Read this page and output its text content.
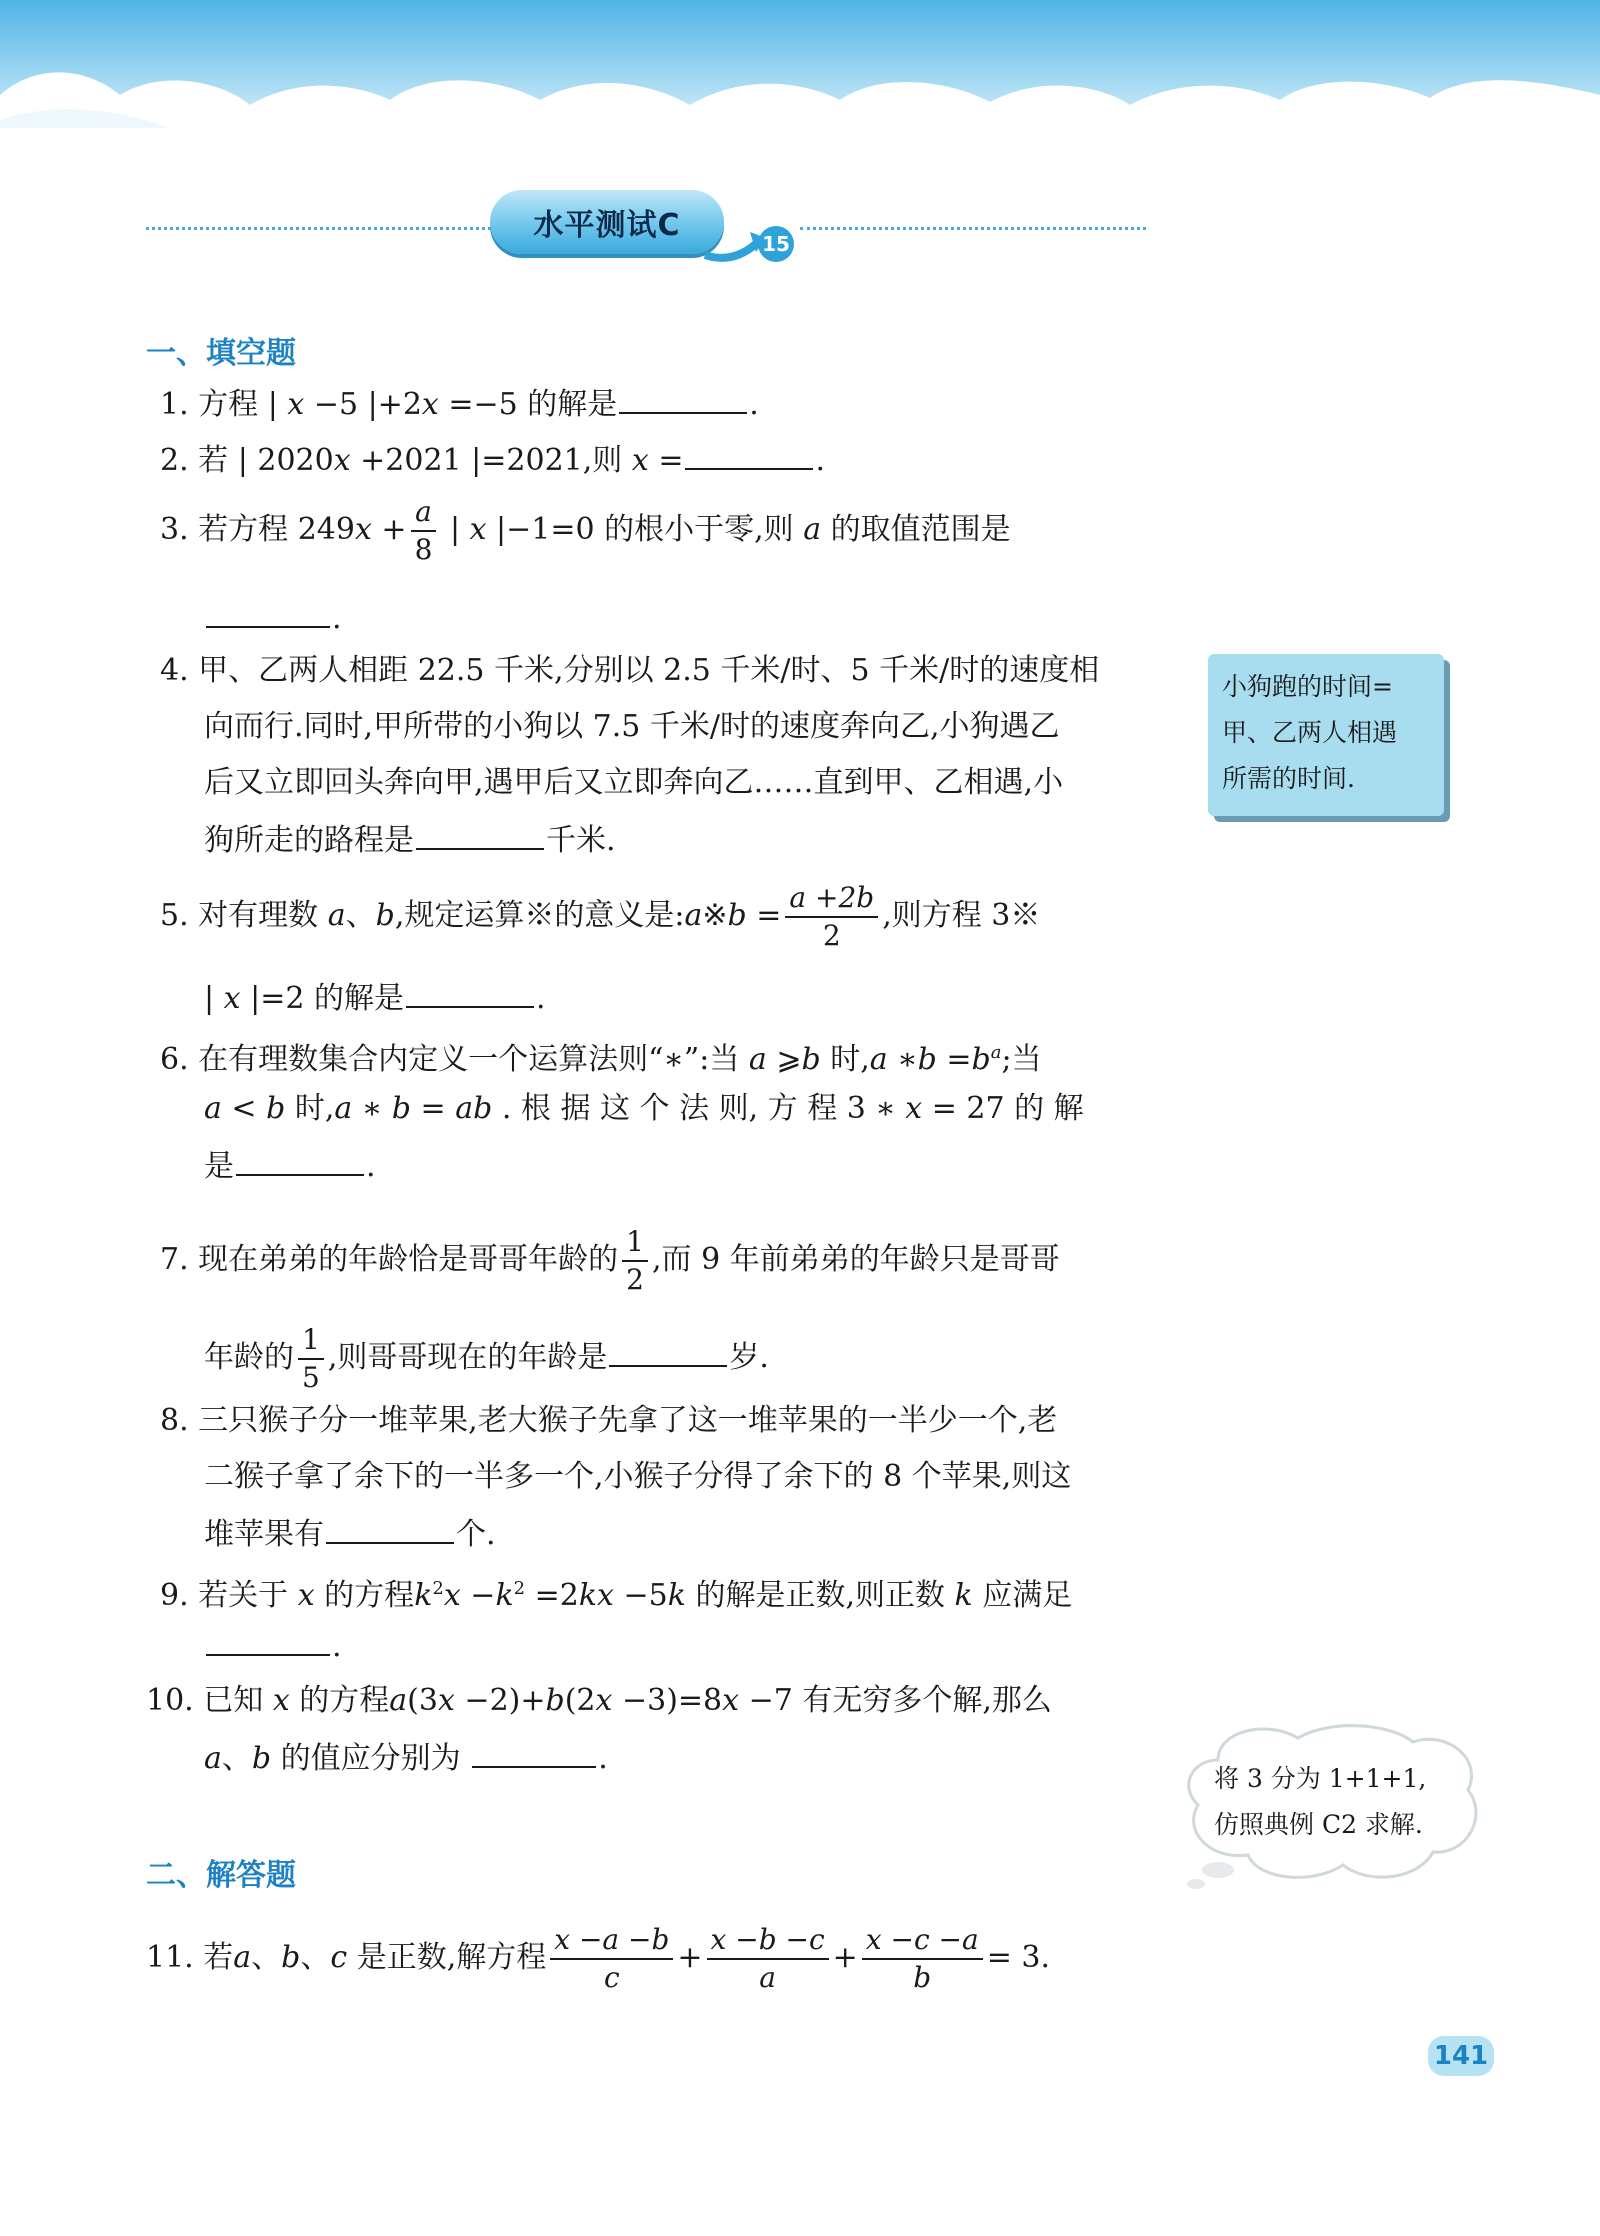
水平测试C
15
一、填空题
1. 方程 | x −5 |+2x =−5 的解是	.
2. 若 | 2020x +2021 |=2021,则 x =	.
3. 若方程 $249x + \frac{a}{8}$ | x |−1=0 的根小于零,则 a 的取值范围是
.
4. 甲、乙两人相距 22.5 千米,分别以 2.5 千米/时、5 千米/时的速度相
向而行.同时,甲所带的小狗以 7.5 千米/时的速度奔向乙,小狗遇乙
后又立即回头奔向甲,遇甲后又立即奔向乙……直到甲、乙相遇,小
狗所走的路程是	千米.
小狗跑的时间=
甲、乙两人相遇
所需的时间.
5. 对有理数 a、b,规定运算※的意义是:a※b = $\frac{a +2b}{2}$ ,则方程 3※
| x |=2 的解是	.
6. 在有理数集合内定义一个运算法则“∗”:当 a ⩾b 时,a ∗b $=b^a$;当
a < b 时,a ∗ b = ab . 根 据 这 个 法 则, 方 程 3 ∗ x = 27 的 解
是	.
7. 现在弟弟的年龄恰是哥哥年龄的 $\frac{1}{2}$ ,而 9 年前弟弟的年龄只是哥哥
年龄的 $\frac{1}{5}$ ,则哥哥现在的年龄是	岁.
8. 三只猴子分一堆苹果,老大猴子先拿了这一堆苹果的一半少一个,老
二猴子拿了余下的一半多一个,小猴子分得了余下的 8 个苹果,则这
堆苹果有	个.
9. 若关于 x 的方程$k^2x -k^2 =2kx -5k$ 的解是正数,则正数 k 应满足
.
10. 已知 x 的方程a(3x −2)+b(2x −3)=8x −7 有无穷多个解,那么
a、b 的值应分别为	.
将 3 分为 1+1+1,
仿照典例 C2 求解.
二、解答题
11. 若a、b、c 是正数,解方程 $\frac{x -a -b}{c} + \frac{x -b -c}{a} + \frac{x -c -a}{b} = 3$.
141
